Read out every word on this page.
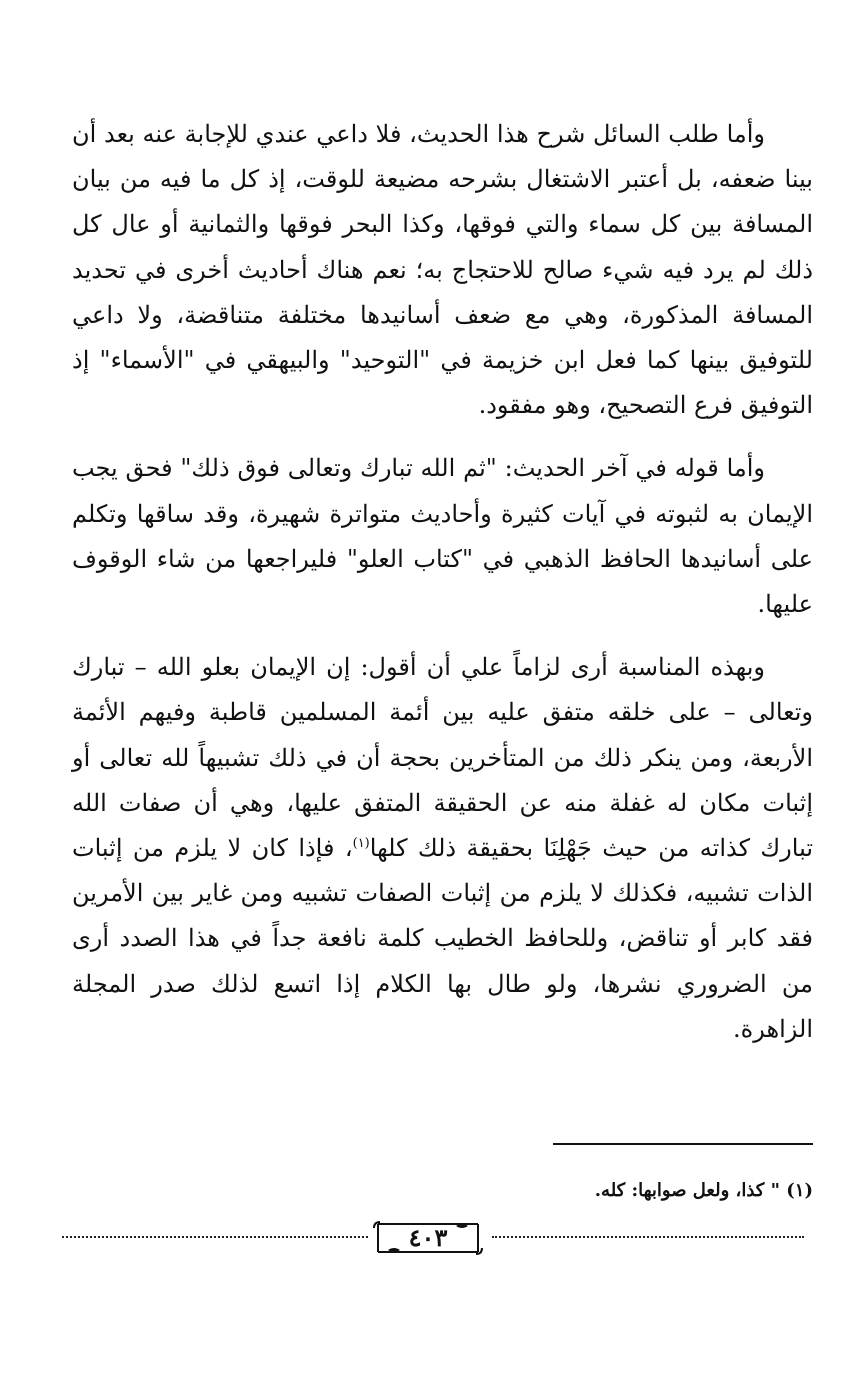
وأما طلب السائل شرح هذا الحديث، فلا داعي عندي للإجابة عنه بعد أن بينا ضعفه، بل أعتبر الاشتغال بشرحه مضيعة للوقت، إذ كل ما فيه من بيان المسافة بين كل سماء والتي فوقها، وكذا البحر فوقها والثمانية أو عال كل ذلك لم يرد فيه شيء صالح للاحتجاج به؛ نعم هناك أحاديث أخرى في تحديد المسافة المذكورة، وهي مع ضعف أسانيدها مختلفة متناقضة، ولا داعي للتوفيق بينها كما فعل ابن خزيمة في "التوحيد" والبيهقي في "الأسماء" إذ التوفيق فرع التصحيح، وهو مفقود.

وأما قوله في آخر الحديث: "ثم الله تبارك وتعالى فوق ذلك" فحق يجب الإيمان به لثبوته في آيات كثيرة وأحاديث متواترة شهيرة، وقد ساقها وتكلم على أسانيدها الحافظ الذهبي في "كتاب العلو" فليراجعها من شاء الوقوف عليها.

وبهذه المناسبة أرى لزاماً علي أن أقول: إن الإيمان بعلو الله – تبارك وتعالى – على خلقه متفق عليه بين أئمة المسلمين قاطبة وفيهم الأئمة الأربعة، ومن ينكر ذلك من المتأخرين بحجة أن في ذلك تشبيهاً لله تعالى أو إثبات مكان له غفلة منه عن الحقيقة المتفق عليها، وهي أن صفات الله تبارك كذاته من حيث جَهْلِنَا بحقيقة ذلك كلها$^{(١)}$، فإذا كان لا يلزم من إثبات الذات تشبيه، فكذلك لا يلزم من إثبات الصفات تشبيه ومن غاير بين الأمرين فقد كابر أو تناقض، وللحافظ الخطيب كلمة نافعة جداً في هذا الصدد أرى من الضروري نشرها، ولو طال بها الكلام إذا اتسع لذلك صدر المجلة الزاهرة.

(١) " كذا، ولعل صوابها: كله.

٤٠٣
